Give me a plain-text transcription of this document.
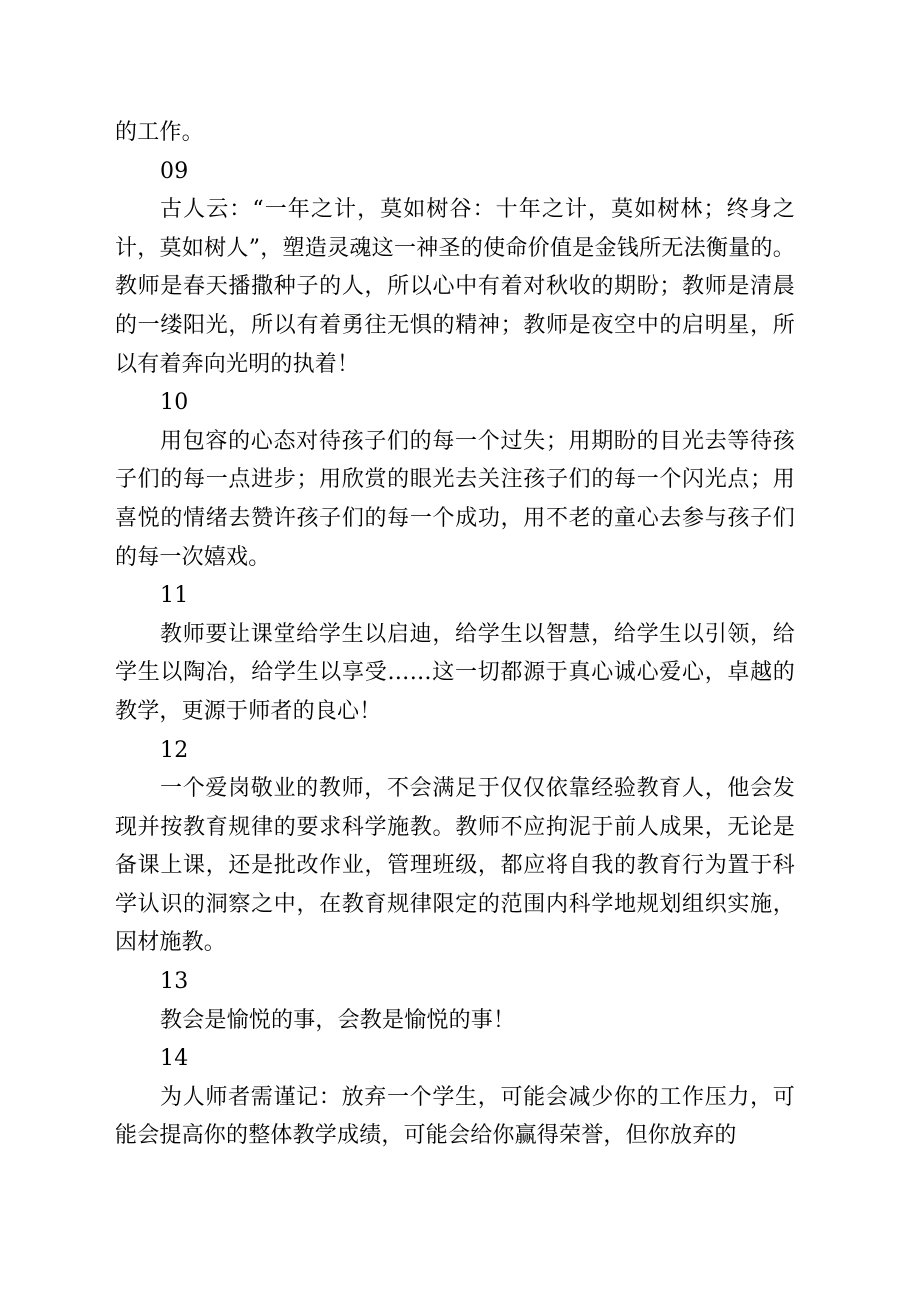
的工作。

09

古人云：“一年之计，莫如树谷：十年之计，莫如树林；终身之计，莫如树人”，塑造灵魂这一神圣的使命价值是金钱所无法衡量的。教师是春天播撒种子的人，所以心中有着对秋收的期盼；教师是清晨的一缕阳光，所以有着勇往无惧的精神；教师是夜空中的启明星，所以有着奔向光明的执着！

10

用包容的心态对待孩子们的每一个过失；用期盼的目光去等待孩子们的每一点进步；用欣赏的眼光去关注孩子们的每一个闪光点；用喜悦的情绪去赞许孩子们的每一个成功，用不老的童心去参与孩子们的每一次嬉戏。

11

教师要让课堂给学生以启迪，给学生以智慧，给学生以引领，给学生以陶冶，给学生以享受……这一切都源于真心诚心爱心，卓越的教学，更源于师者的良心！

12

一个爱岗敬业的教师，不会满足于仅仅依靠经验教育人，他会发现并按教育规律的要求科学施教。教师不应拘泥于前人成果，无论是备课上课，还是批改作业，管理班级，都应将自我的教育行为置于科学认识的洞察之中，在教育规律限定的范围内科学地规划组织实施，因材施教。

13

教会是愉悦的事，会教是愉悦的事！

14

为人师者需谨记：放弃一个学生，可能会减少你的工作压力，可能会提高你的整体教学成绩，可能会给你赢得荣誉，但你放弃的
